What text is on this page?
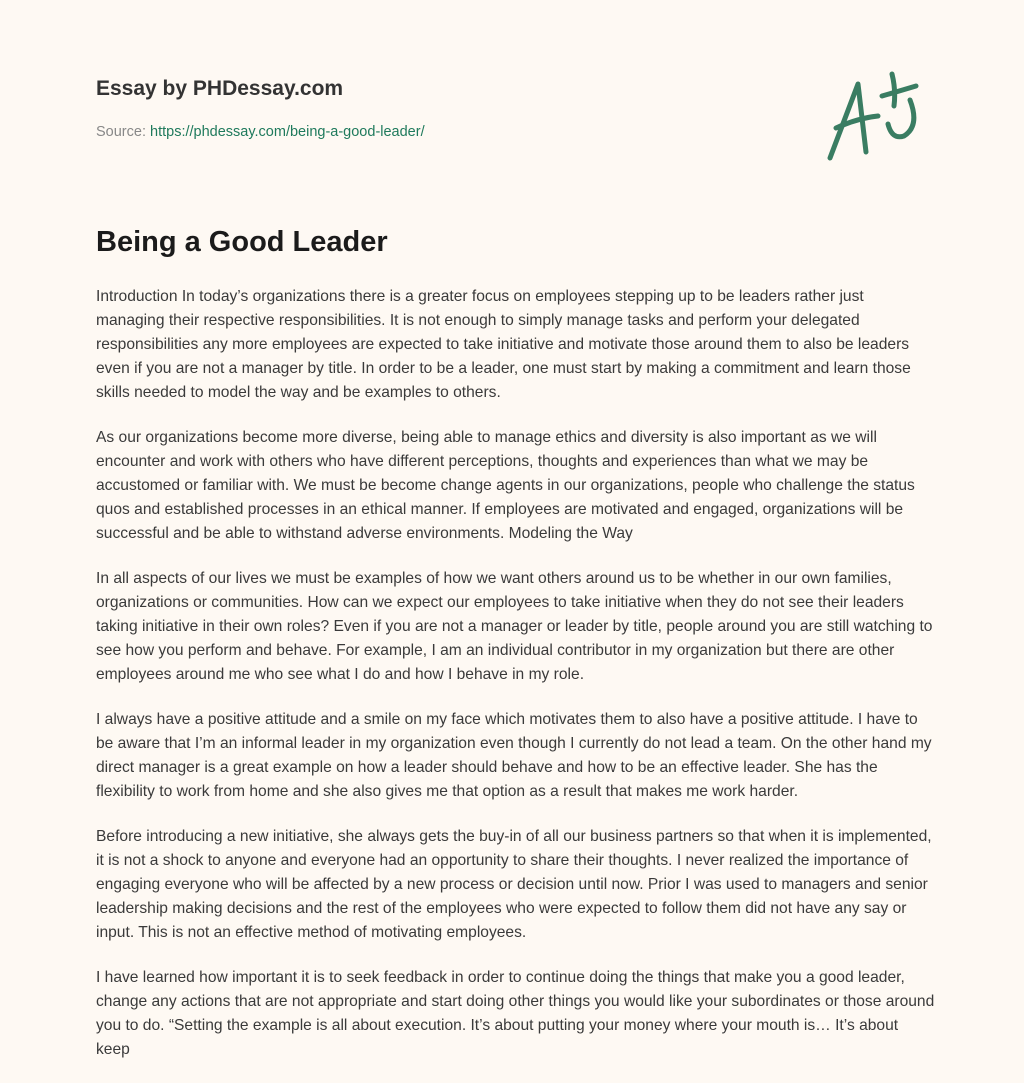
Essay by PHDessay.com

Source: https://phdessay.com/being-a-good-leader/
Being a Good Leader

Introduction In today’s organizations there is a greater focus on employees stepping up to be leaders rather just managing their respective responsibilities. It is not enough to simply manage tasks and perform your delegated responsibilities any more employees are expected to take initiative and motivate those around them to also be leaders even if you are not a manager by title. In order to be a leader, one must start by making a commitment and learn those skills needed to model the way and be examples to others.

As our organizations become more diverse, being able to manage ethics and diversity is also important as we will encounter and work with others who have different perceptions, thoughts and experiences than what we may be accustomed or familiar with. We must be become change agents in our organizations, people who challenge the status quos and established processes in an ethical manner. If employees are motivated and engaged, organizations will be successful and be able to withstand adverse environments. Modeling the Way

In all aspects of our lives we must be examples of how we want others around us to be whether in our own families, organizations or communities. How can we expect our employees to take initiative when they do not see their leaders taking initiative in their own roles? Even if you are not a manager or leader by title, people around you are still watching to see how you perform and behave. For example, I am an individual contributor in my organization but there are other employees around me who see what I do and how I behave in my role.

I always have a positive attitude and a smile on my face which motivates them to also have a positive attitude. I have to be aware that I’m an informal leader in my organization even though I currently do not lead a team. On the other hand my direct manager is a great example on how a leader should behave and how to be an effective leader. She has the flexibility to work from home and she also gives me that option as a result that makes me work harder.

Before introducing a new initiative, she always gets the buy-in of all our business partners so that when it is implemented, it is not a shock to anyone and everyone had an opportunity to share their thoughts. I never realized the importance of engaging everyone who will be affected by a new process or decision until now. Prior I was used to managers and senior leadership making decisions and the rest of the employees who were expected to follow them did not have any say or input. This is not an effective method of motivating employees.

I have learned how important it is to seek feedback in order to continue doing the things that make you a good leader, change any actions that are not appropriate and start doing other things you would like your subordinates or those around you to do. “Setting the example is all about execution. It’s about putting your money where your mouth is… It’s about keep
